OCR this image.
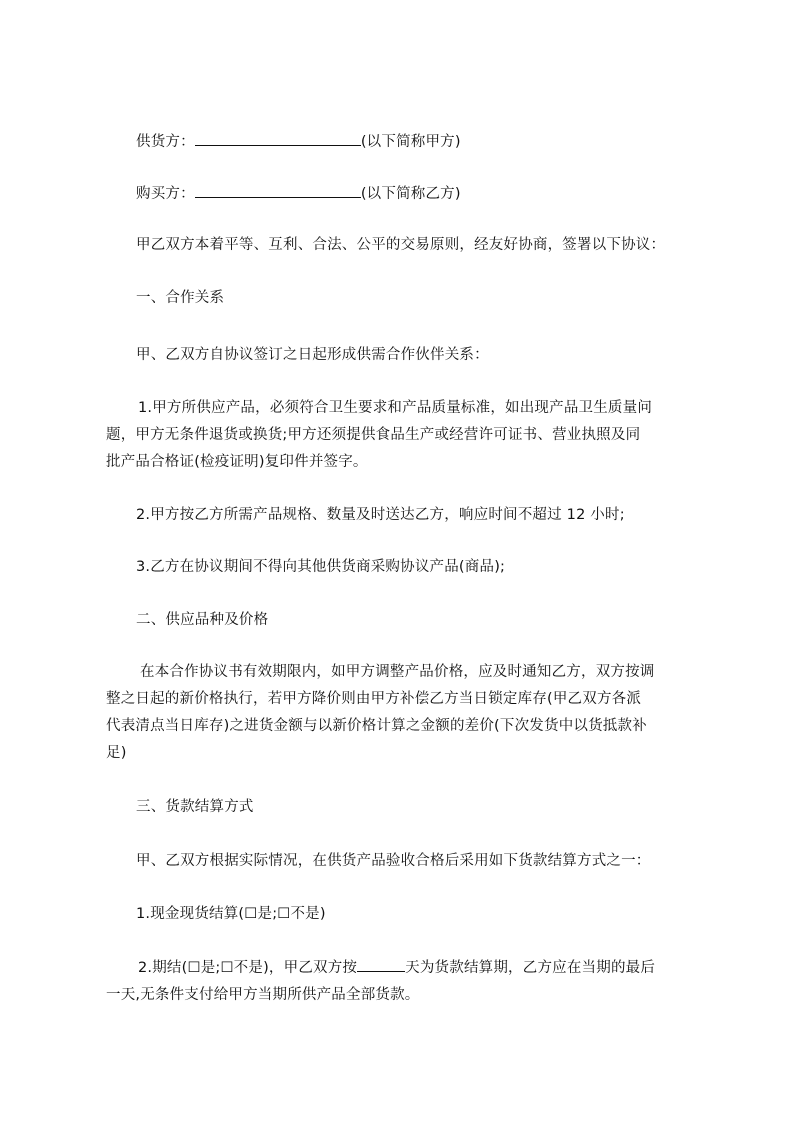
供货方：	(以下简称甲方)
购买方：	(以下简称乙方)
甲乙双方本着平等、互利、合法、公平的交易原则，经友好协商，签署以下协议：
一、合作关系
甲、乙双方自协议签订之日起形成供需合作伙伴关系：
1.甲方所供应产品，必须符合卫生要求和产品质量标准，如出现产品卫生质量问
题，甲方无条件退货或换货;甲方还须提供食品生产或经营许可证书、营业执照及同
批产品合格证(检疫证明)复印件并签字。
2.甲方按乙方所需产品规格、数量及时送达乙方，响应时间不超过 12 小时;
3.乙方在协议期间不得向其他供货商采购协议产品(商品);
二、供应品种及价格
在本合作协议书有效期限内，如甲方调整产品价格，应及时通知乙方，双方按调
整之日起的新价格执行，若甲方降价则由甲方补偿乙方当日锁定库存(甲乙双方各派
代表清点当日库存)之进货金额与以新价格计算之金额的差价(下次发货中以货抵款补
足)
三、货款结算方式
甲、乙双方根据实际情况，在供货产品验收合格后采用如下货款结算方式之一：
1.现金现货结算(☐是;☐不是)
2.期结(☐是;☐不是)，甲乙双方按	天为货款结算期，乙方应在当期的最后
一天,无条件支付给甲方当期所供产品全部货款。
